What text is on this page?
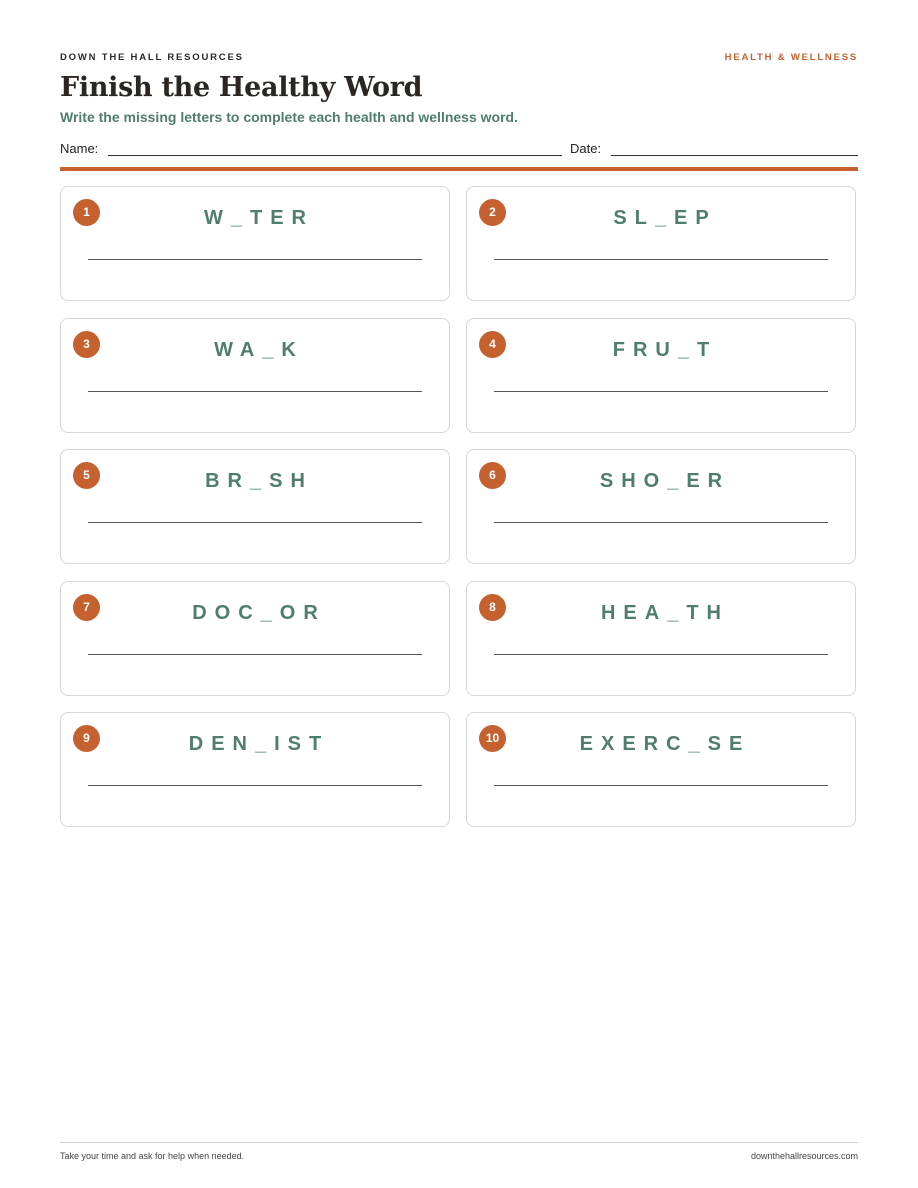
DOWN THE HALL RESOURCES	HEALTH & WELLNESS
Finish the Healthy Word
Write the missing letters to complete each health and wellness word.
Name:	Date:
1	W_TER	2	SL_EP
3	WA_K	4	FRU_T
5	BR_SH	6	SHO_ER
7	DOC_OR	8	HEA_TH
9	DEN_IST	10	EXERC_SE
Take your time and ask for help when needed.	downthehallresources.com
